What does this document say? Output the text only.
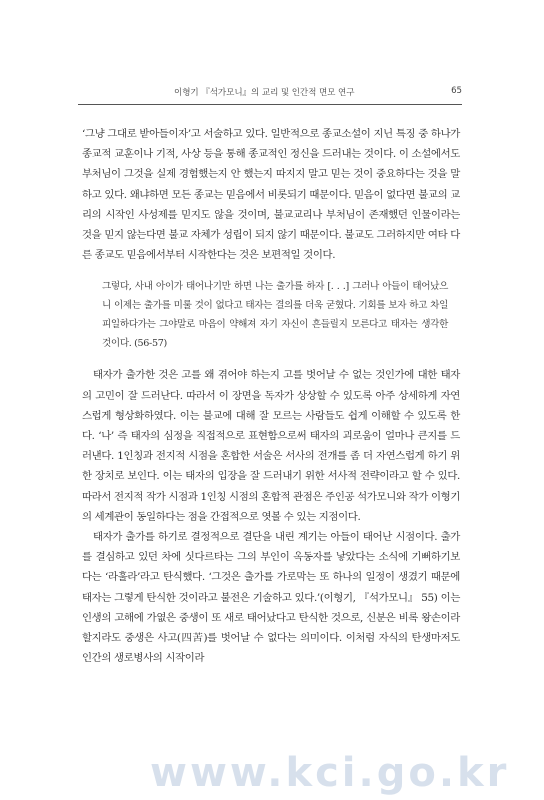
이형기 『석가모니』의 교리 및 인간적 면모 연구	65

‘그냥 그대로 받아들이자’고 서술하고 있다. 일반적으로 종교소설이 지닌 특징 중 하나가 종교적 교훈이나 기적, 사상 등을 통해 종교적인 정신을 드러내는 것이다. 이 소설에서도 부처님이 그것을 실제 경험했는지 안 했는지 따지지 말고 믿는 것이 중요하다는 것을 말하고 있다. 왜냐하면 모든 종교는 믿음에서 비롯되기 때문이다. 믿음이 없다면 불교의 교리의 시작인 사성제를 믿지도 않을 것이며, 불교교리나 부처님이 존재했던 인물이라는 것을 믿지 않는다면 불교 자체가 성립이 되지 않기 때문이다. 불교도 그러하지만 여타 다른 종교도 믿음에서부터 시작한다는 것은 보편적일 것이다.

그렇다, 사내 아이가 태어나기만 하면 나는 출가를 하자 [. . .] 그러나 아들이 태어났으니 이제는 출가를 미룰 것이 없다고 태자는 결의를 더욱 굳혔다. 기회를 보자 하고 차일피일하다가는 그야말로 마음이 약해져 자기 자신이 흔들릴지 모른다고 태자는 생각한 것이다. (56-57)

태자가 출가한 것은 고를 왜 겪어야 하는지 고를 벗어날 수 없는 것인가에 대한 태자의 고민이 잘 드러난다. 따라서 이 장면을 독자가 상상할 수 있도록 아주 상세하게 자연스럽게 형상화하였다. 이는 불교에 대해 잘 모르는 사람들도 쉽게 이해할 수 있도록 한다. ‘나’ 즉 태자의 심정을 직접적으로 표현함으로써 태자의 괴로움이 얼마나 큰지를 드러낸다. 1인칭과 전지적 시점을 혼합한 서술은 서사의 전개를 좀 더 자연스럽게 하기 위한 장치로 보인다. 이는 태자의 입장을 잘 드러내기 위한 서사적 전략이라고 할 수 있다. 따라서 전지적 작가 시점과 1인칭 시점의 혼합적 관점은 주인공 석가모니와 작가 이형기의 세계관이 동일하다는 점을 간접적으로 엿볼 수 있는 지점이다.

태자가 출가를 하기로 결정적으로 결단을 내린 계기는 아들이 태어난 시점이다. 출가를 결심하고 있던 차에 싯다르타는 그의 부인이 옥동자를 낳았다는 소식에 기뻐하기보다는 ‘라훌라’라고 탄식했다. ‘그것은 출가를 가로막는 또 하나의 일정이 생겼기 때문에 태자는 그렇게 탄식한 것이라고 불전은 기술하고 있다.’(이형기, 『석가모니』 55) 이는 인생의 고해에 가엾은 중생이 또 새로 태어났다고 탄식한 것으로, 신분은 비록 왕손이라 할지라도 중생은 사고(四苦)를 벗어날 수 없다는 의미이다. 이처럼 자식의 탄생마저도 인간의 생로병사의 시작이라

www.kci.go.kr
